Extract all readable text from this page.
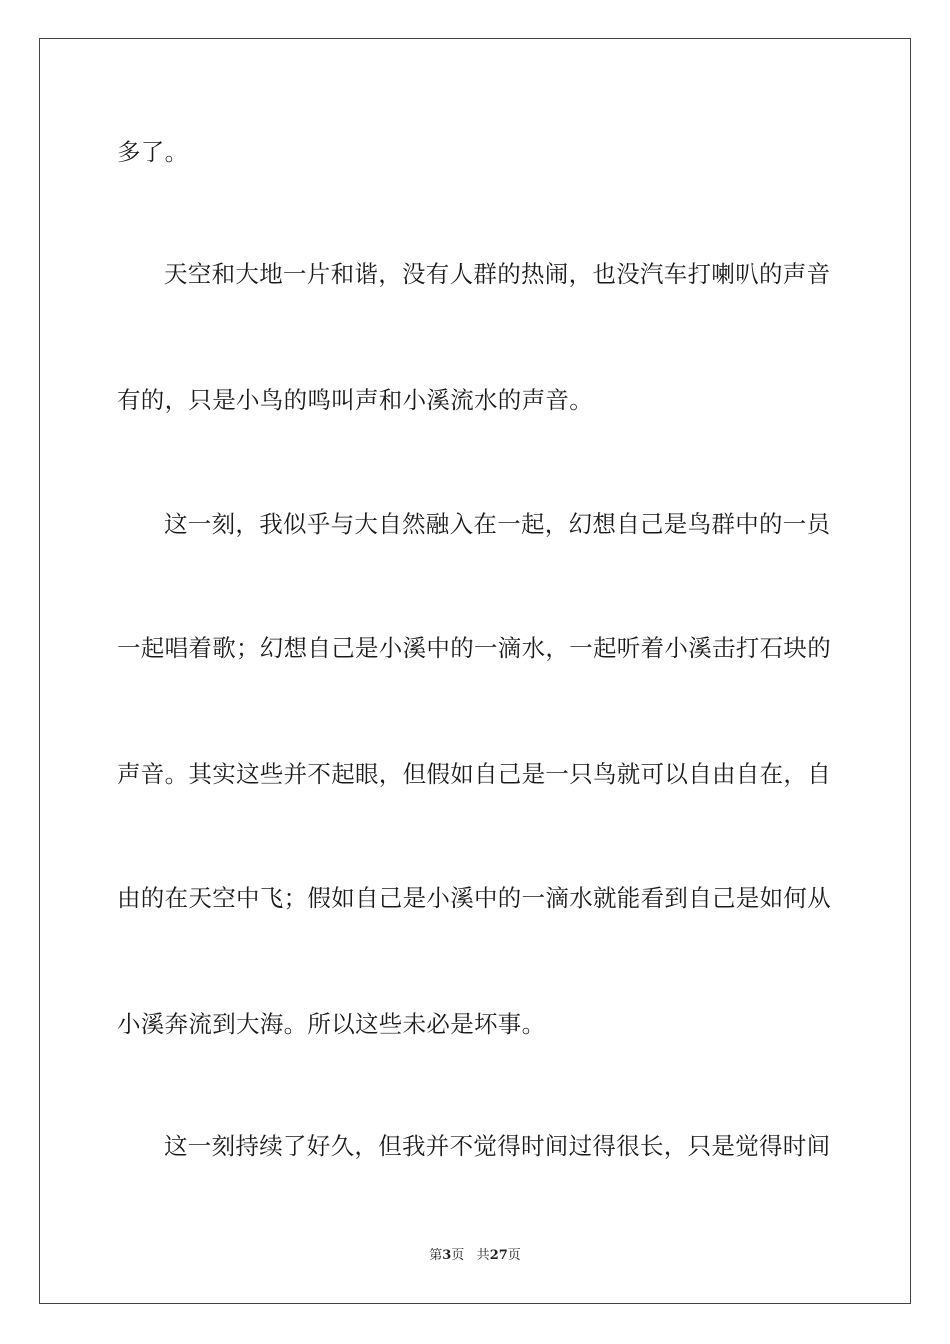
多了。
天空和大地一片和谐，没有人群的热闹，也没汽车打喇叭的声音
有的，只是小鸟的鸣叫声和小溪流水的声音。
这一刻，我似乎与大自然融入在一起，幻想自己是鸟群中的一员
一起唱着歌；幻想自己是小溪中的一滴水，一起听着小溪击打石块的
声音。其实这些并不起眼，但假如自己是一只鸟就可以自由自在，自
由的在天空中飞；假如自己是小溪中的一滴水就能看到自己是如何从
小溪奔流到大海。所以这些未必是坏事。
这一刻持续了好久，但我并不觉得时间过得很长，只是觉得时间
第3页 共27页
